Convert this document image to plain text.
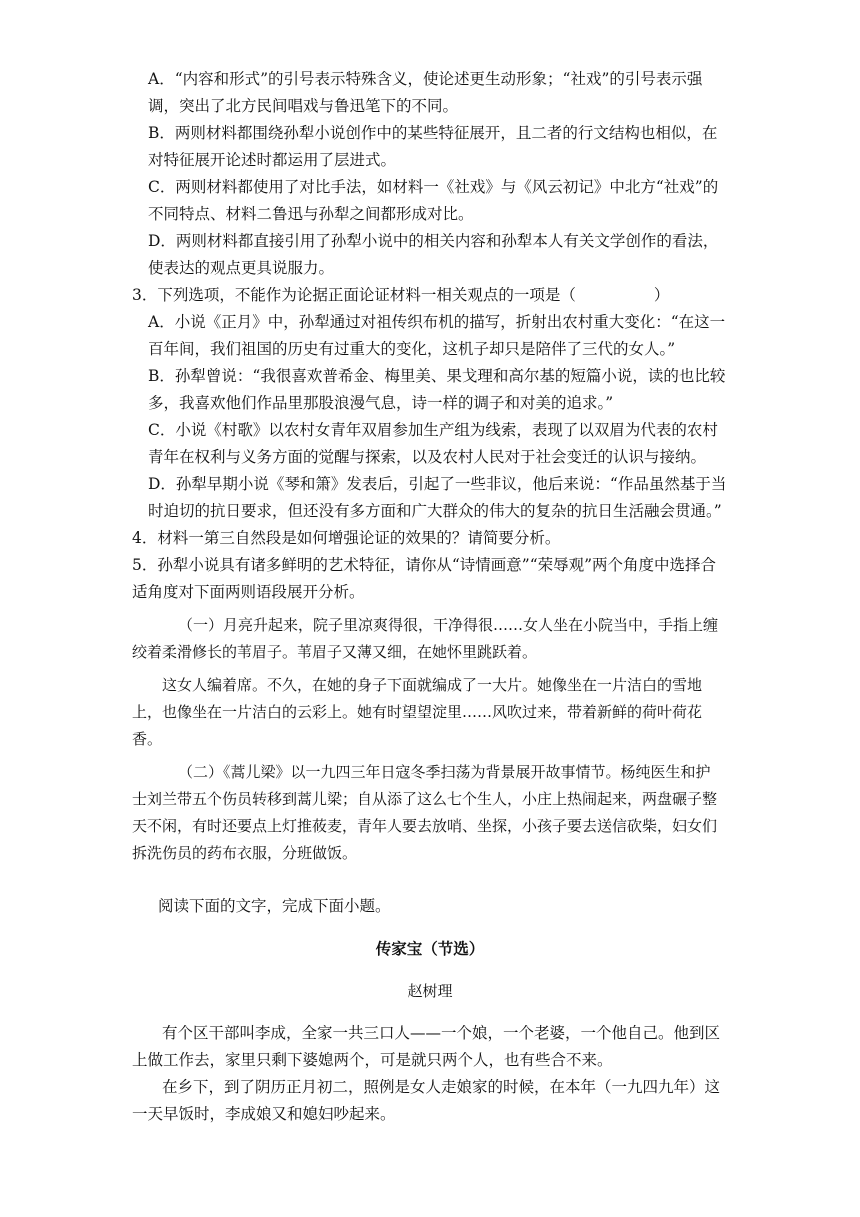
A．“内容和形式”的引号表示特殊含义，使论述更生动形象；“社戏”的引号表示强调，突出了北方民间唱戏与鲁迅笔下的不同。

B．两则材料都围绕孙犁小说创作中的某些特征展开，且二者的行文结构也相似，在对特征展开论述时都运用了层进式。

C．两则材料都使用了对比手法，如材料一《社戏》与《风云初记》中北方“社戏”的不同特点、材料二鲁迅与孙犁之间都形成对比。

D．两则材料都直接引用了孙犁小说中的相关内容和孙犁本人有关文学创作的看法，使表达的观点更具说服力。

3．下列选项，不能作为论据正面论证材料一相关观点的一项是（	）

A．小说《正月》中，孙犁通过对祖传织布机的描写，折射出农村重大变化：“在这一百年间，我们祖国的历史有过重大的变化，这机子却只是陪伴了三代的女人。”

B．孙犁曾说：“我很喜欢普希金、梅里美、果戈理和高尔基的短篇小说，读的也比较多，我喜欢他们作品里那股浪漫气息，诗一样的调子和对美的追求。”

C．小说《村歌》以农村女青年双眉参加生产组为线索，表现了以双眉为代表的农村青年在权利与义务方面的觉醒与探索，以及农村人民对于社会变迁的认识与接纳。

D．孙犁早期小说《琴和箫》发表后，引起了一些非议，他后来说：“作品虽然基于当时迫切的抗日要求，但还没有多方面和广大群众的伟大的复杂的抗日生活融会贯通。”

4．材料一第三自然段是如何增强论证的效果的？请简要分析。

5．孙犁小说具有诸多鲜明的艺术特征，请你从“诗情画意”“荣辱观”两个角度中选择合适角度对下面两则语段展开分析。

（一）月亮升起来，院子里凉爽得很，干净得很……女人坐在小院当中，手指上缠绞着柔滑修长的苇眉子。苇眉子又薄又细，在她怀里跳跃着。

这女人编着席。不久，在她的身子下面就编成了一大片。她像坐在一片洁白的雪地上，也像坐在一片洁白的云彩上。她有时望望淀里……风吹过来，带着新鲜的荷叶荷花香。

（二）《蒿儿梁》以一九四三年日寇冬季扫荡为背景展开故事情节。杨纯医生和护士刘兰带五个伤员转移到蒿儿梁；自从添了这么七个生人，小庄上热闹起来，两盘碾子整天不闲，有时还要点上灯推莜麦，青年人要去放哨、坐探，小孩子要去送信砍柴，妇女们拆洗伤员的药布衣服，分班做饭。

阅读下面的文字，完成下面小题。

传家宝（节选）

赵树理

有个区干部叫李成，全家一共三口人——一个娘，一个老婆，一个他自己。他到区上做工作去，家里只剩下婆媳两个，可是就只两个人，也有些合不来。

在乡下，到了阴历正月初二，照例是女人走娘家的时候，在本年（一九四九年）这一天早饭时，李成娘又和媳妇吵起来。
